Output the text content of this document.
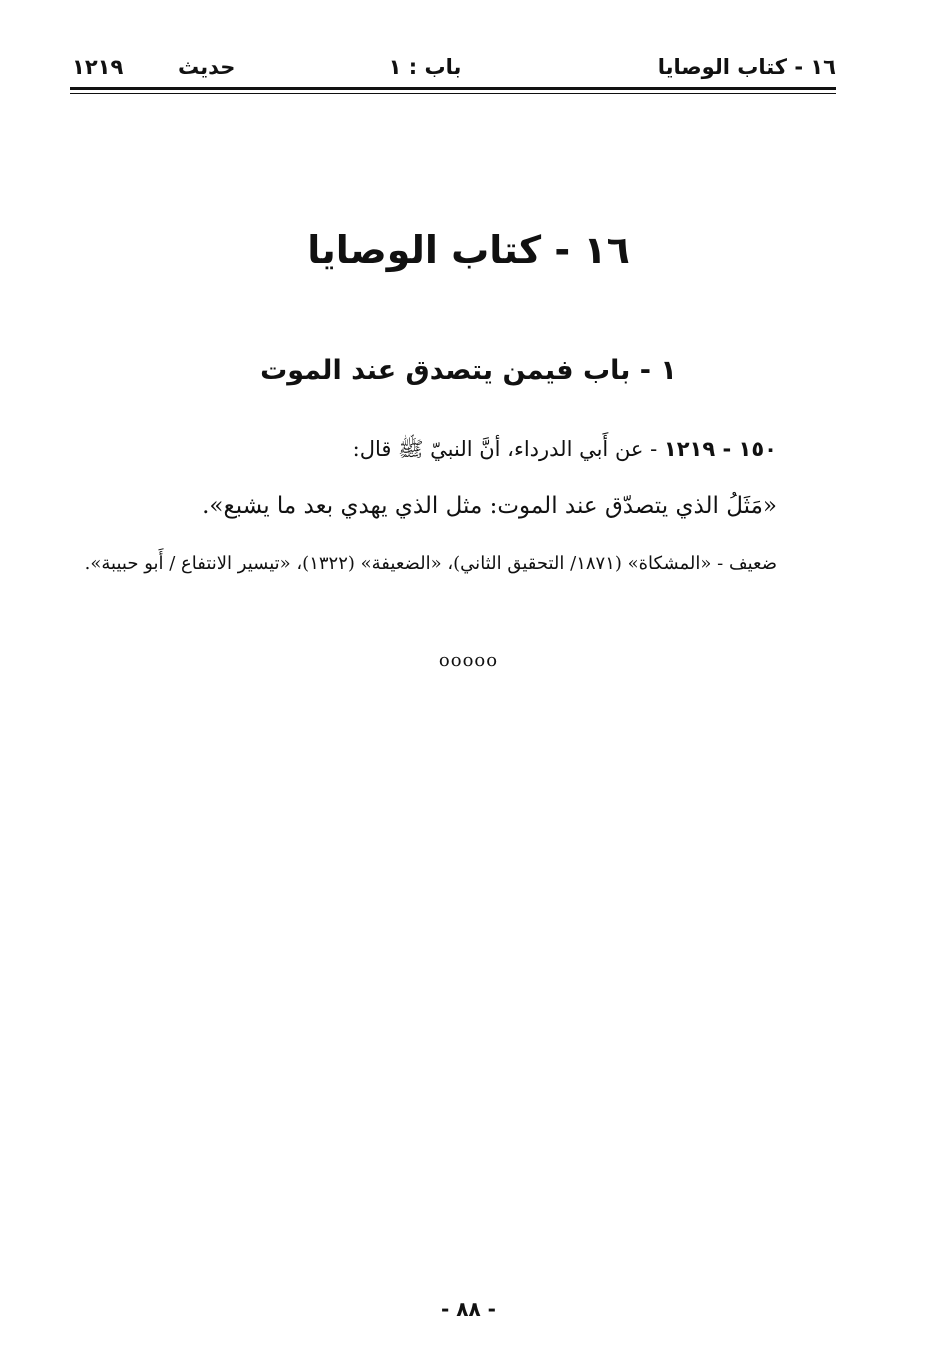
١٦ - كتاب الوصايا
باب : ١
حديث
١٢١٩
١٦ - كتاب الوصايا
١ - باب فيمن يتصدق عند الموت
١٥٠ - ١٢١٩ - عن أَبي الدرداء، أنَّ النبيّ ﷺ قال:
«مَثَلُ الذي يتصدّق عند الموت: مثل الذي يهدي بعد ما يشبع».
ضعيف - «المشكاة» (١٨٧١/ التحقيق الثاني)، «الضعيفة» (١٣٢٢)، «تيسير الانتفاع / أَبو حبيبة».
ooooo
- ٨٨ -
